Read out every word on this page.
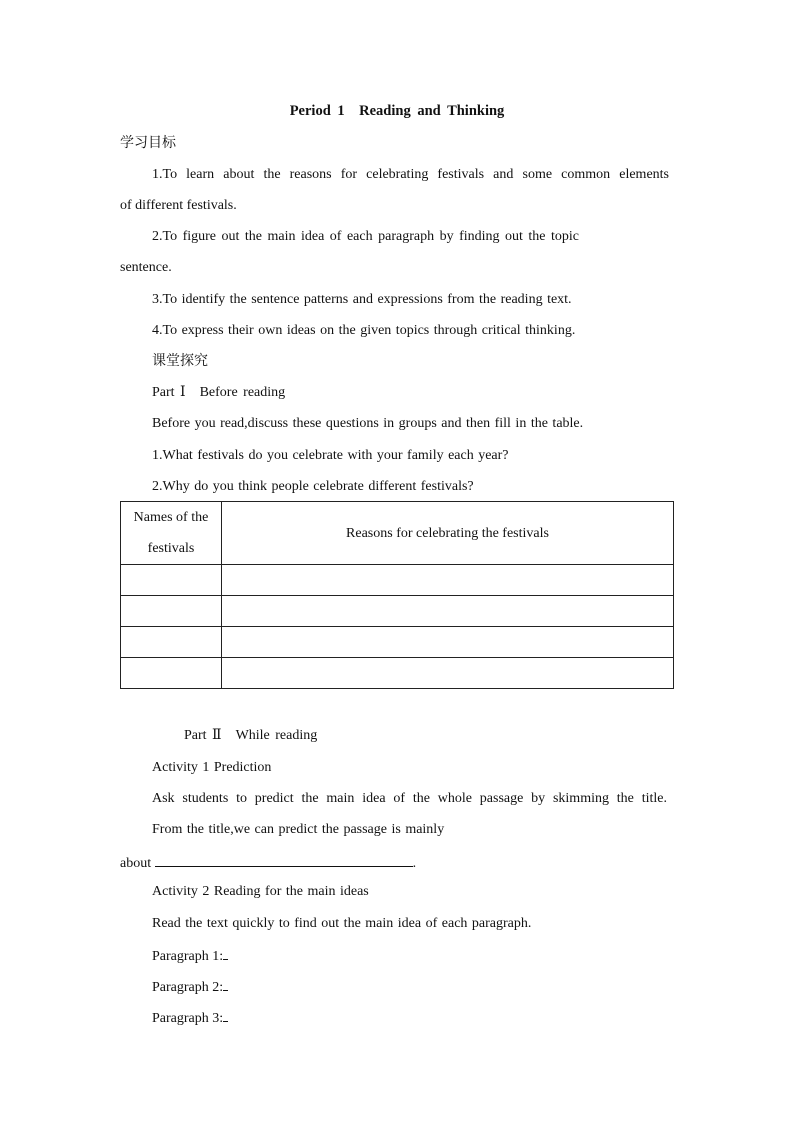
Period 1　Reading and Thinking
学习目标
1.To learn about the reasons for celebrating festivals and some common elements
of different festivals.
2.To figure out the main idea of each paragraph by finding out the topic
sentence.
3.To identify the sentence patterns and expressions from the reading text.
4.To express their own ideas on the given topics through critical thinking.
课堂探究
Part Ⅰ　Before reading
Before you read,discuss these questions in groups and then fill in the table.
1.What festivals do you celebrate with your family each year?
2.Why do you think people celebrate different festivals?
Names of the
festivals	Reasons for celebrating the festivals

Part Ⅱ　While reading
Activity 1 Prediction
Ask students to predict the main idea of the whole passage by skimming the title.
From the title,we can predict the passage is mainly
about	.
Activity 2 Reading for the main ideas
Read the text quickly to find out the main idea of each paragraph.
Paragraph 1:
Paragraph 2:
Paragraph 3:
